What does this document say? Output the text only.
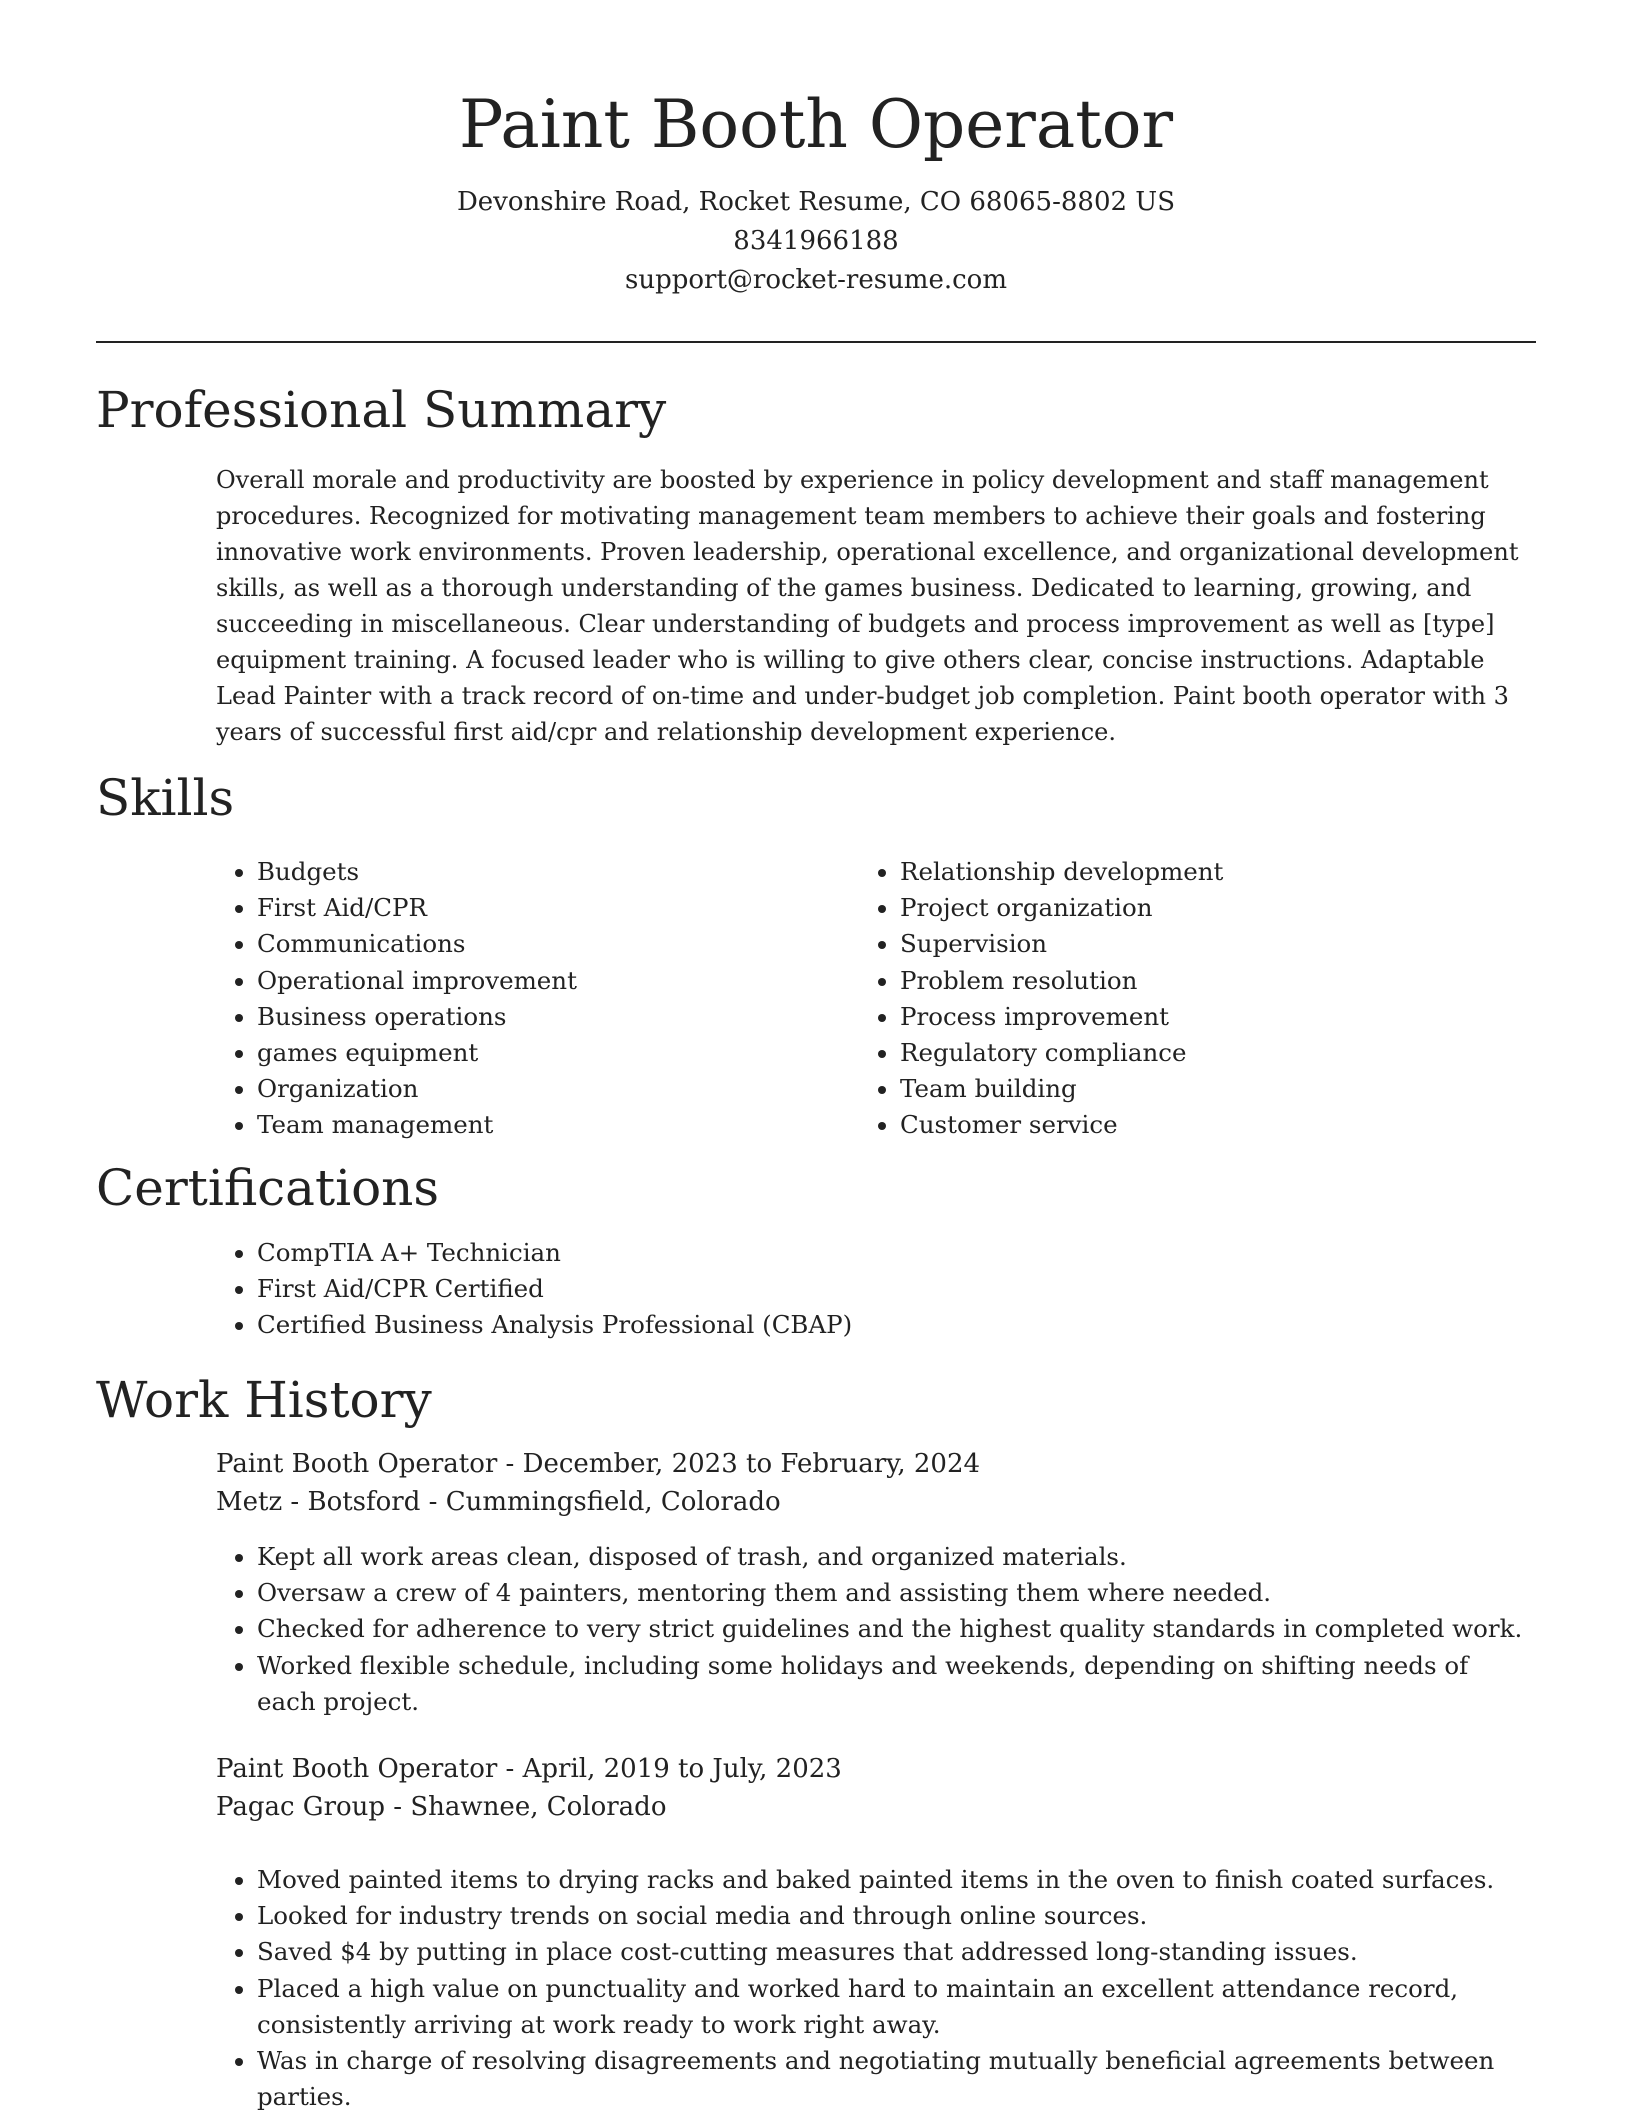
Paint Booth Operator
Devonshire Road, Rocket Resume, CO 68065-8802 US
8341966188
support@rocket-resume.com
Professional Summary

Overall morale and productivity are boosted by experience in policy development and staff management procedures. Recognized for motivating management team members to achieve their goals and fostering innovative work environments. Proven leadership, operational excellence, and organizational development skills, as well as a thorough understanding of the games business. Dedicated to learning, growing, and succeeding in miscellaneous. Clear understanding of budgets and process improvement as well as [type] equipment training. A focused leader who is willing to give others clear, concise instructions. Adaptable Lead Painter with a track record of on-time and under-budget job completion. Paint booth operator with 3 years of successful first aid/cpr and relationship development experience.

Skills
• Budgets
• First Aid/CPR
• Communications
• Operational improvement
• Business operations
• games equipment
• Organization
• Team management
• Relationship development
• Project organization
• Supervision
• Problem resolution
• Process improvement
• Regulatory compliance
• Team building
• Customer service
Certifications
• CompTIA A+ Technician
• First Aid/CPR Certified
• Certified Business Analysis Professional (CBAP)
Work History
Paint Booth Operator - December, 2023 to February, 2024
Metz - Botsford - Cummingsfield, Colorado
• Kept all work areas clean, disposed of trash, and organized materials.
• Oversaw a crew of 4 painters, mentoring them and assisting them where needed.
• Checked for adherence to very strict guidelines and the highest quality standards in completed work.
• Worked flexible schedule, including some holidays and weekends, depending on shifting needs of each project.
Paint Booth Operator - April, 2019 to July, 2023
Pagac Group - Shawnee, Colorado
• Moved painted items to drying racks and baked painted items in the oven to finish coated surfaces.
• Looked for industry trends on social media and through online sources.
• Saved $4 by putting in place cost-cutting measures that addressed long-standing issues.
• Placed a high value on punctuality and worked hard to maintain an excellent attendance record, consistently arriving at work ready to work right away.
• Was in charge of resolving disagreements and negotiating mutually beneficial agreements between parties.
